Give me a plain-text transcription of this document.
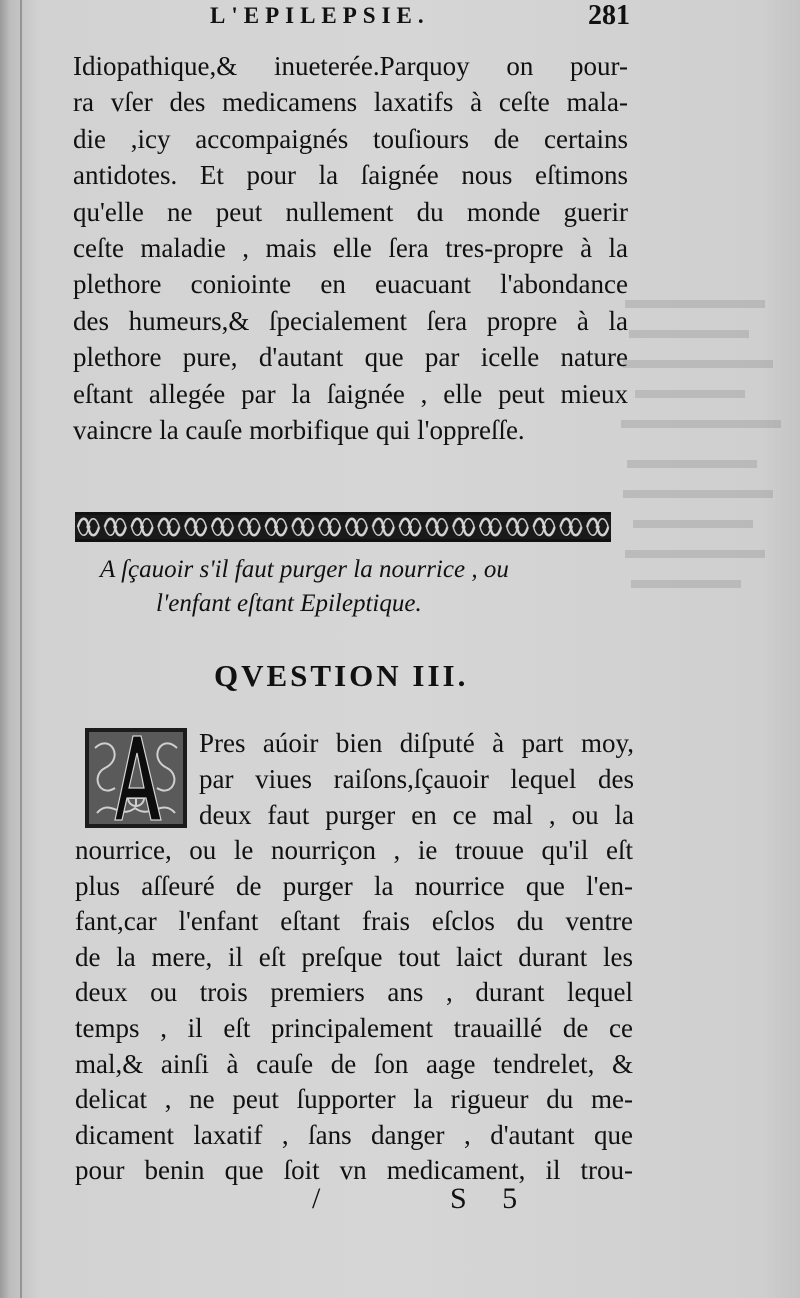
L'EPILEPSIE.	281
Idiopathique,& inueterée.Parquoy on pour-
ra vſer des medicamens laxatifs à ceſte mala-
die ,icy accompaignés touſiours de certains
antidotes. Et pour la ſaignée nous eſtimons
qu'elle ne peut nullement du monde guerir
ceſte maladie , mais elle ſera tres-propre à la
plethore coniointe en euacuant l'abondance
des humeurs,& ſpecialement ſera propre à la
plethore pure, d'autant que par icelle nature
eſtant allegée par la ſaignée , elle peut mieux
vaincre la cauſe morbifique qui l'oppreſſe.
A ſçauoir s'il faut purger la nourrice , ou
l'enfant eſtant Epileptique.
QVESTION III.
Pres aúoir bien diſputé à part moy,
par viues raiſons,ſçauoir lequel des
deux faut purger en ce mal , ou la
nourrice, ou le nourriçon , ie trouue qu'il eſt
plus aſſeuré de purger la nourrice que l'en-
fant,car l'enfant eſtant frais eſclos du ventre
de la mere, il eſt preſque tout laict durant les
deux ou trois premiers ans , durant lequel
temps , il eſt principalement trauaillé de ce
mal,& ainſi à cauſe de ſon aage tendrelet, &
delicat , ne peut ſupporter la rigueur du me-
dicament laxatif , ſans danger , d'autant que
pour benin que ſoit vn medicament, il trou-
/	S 5
